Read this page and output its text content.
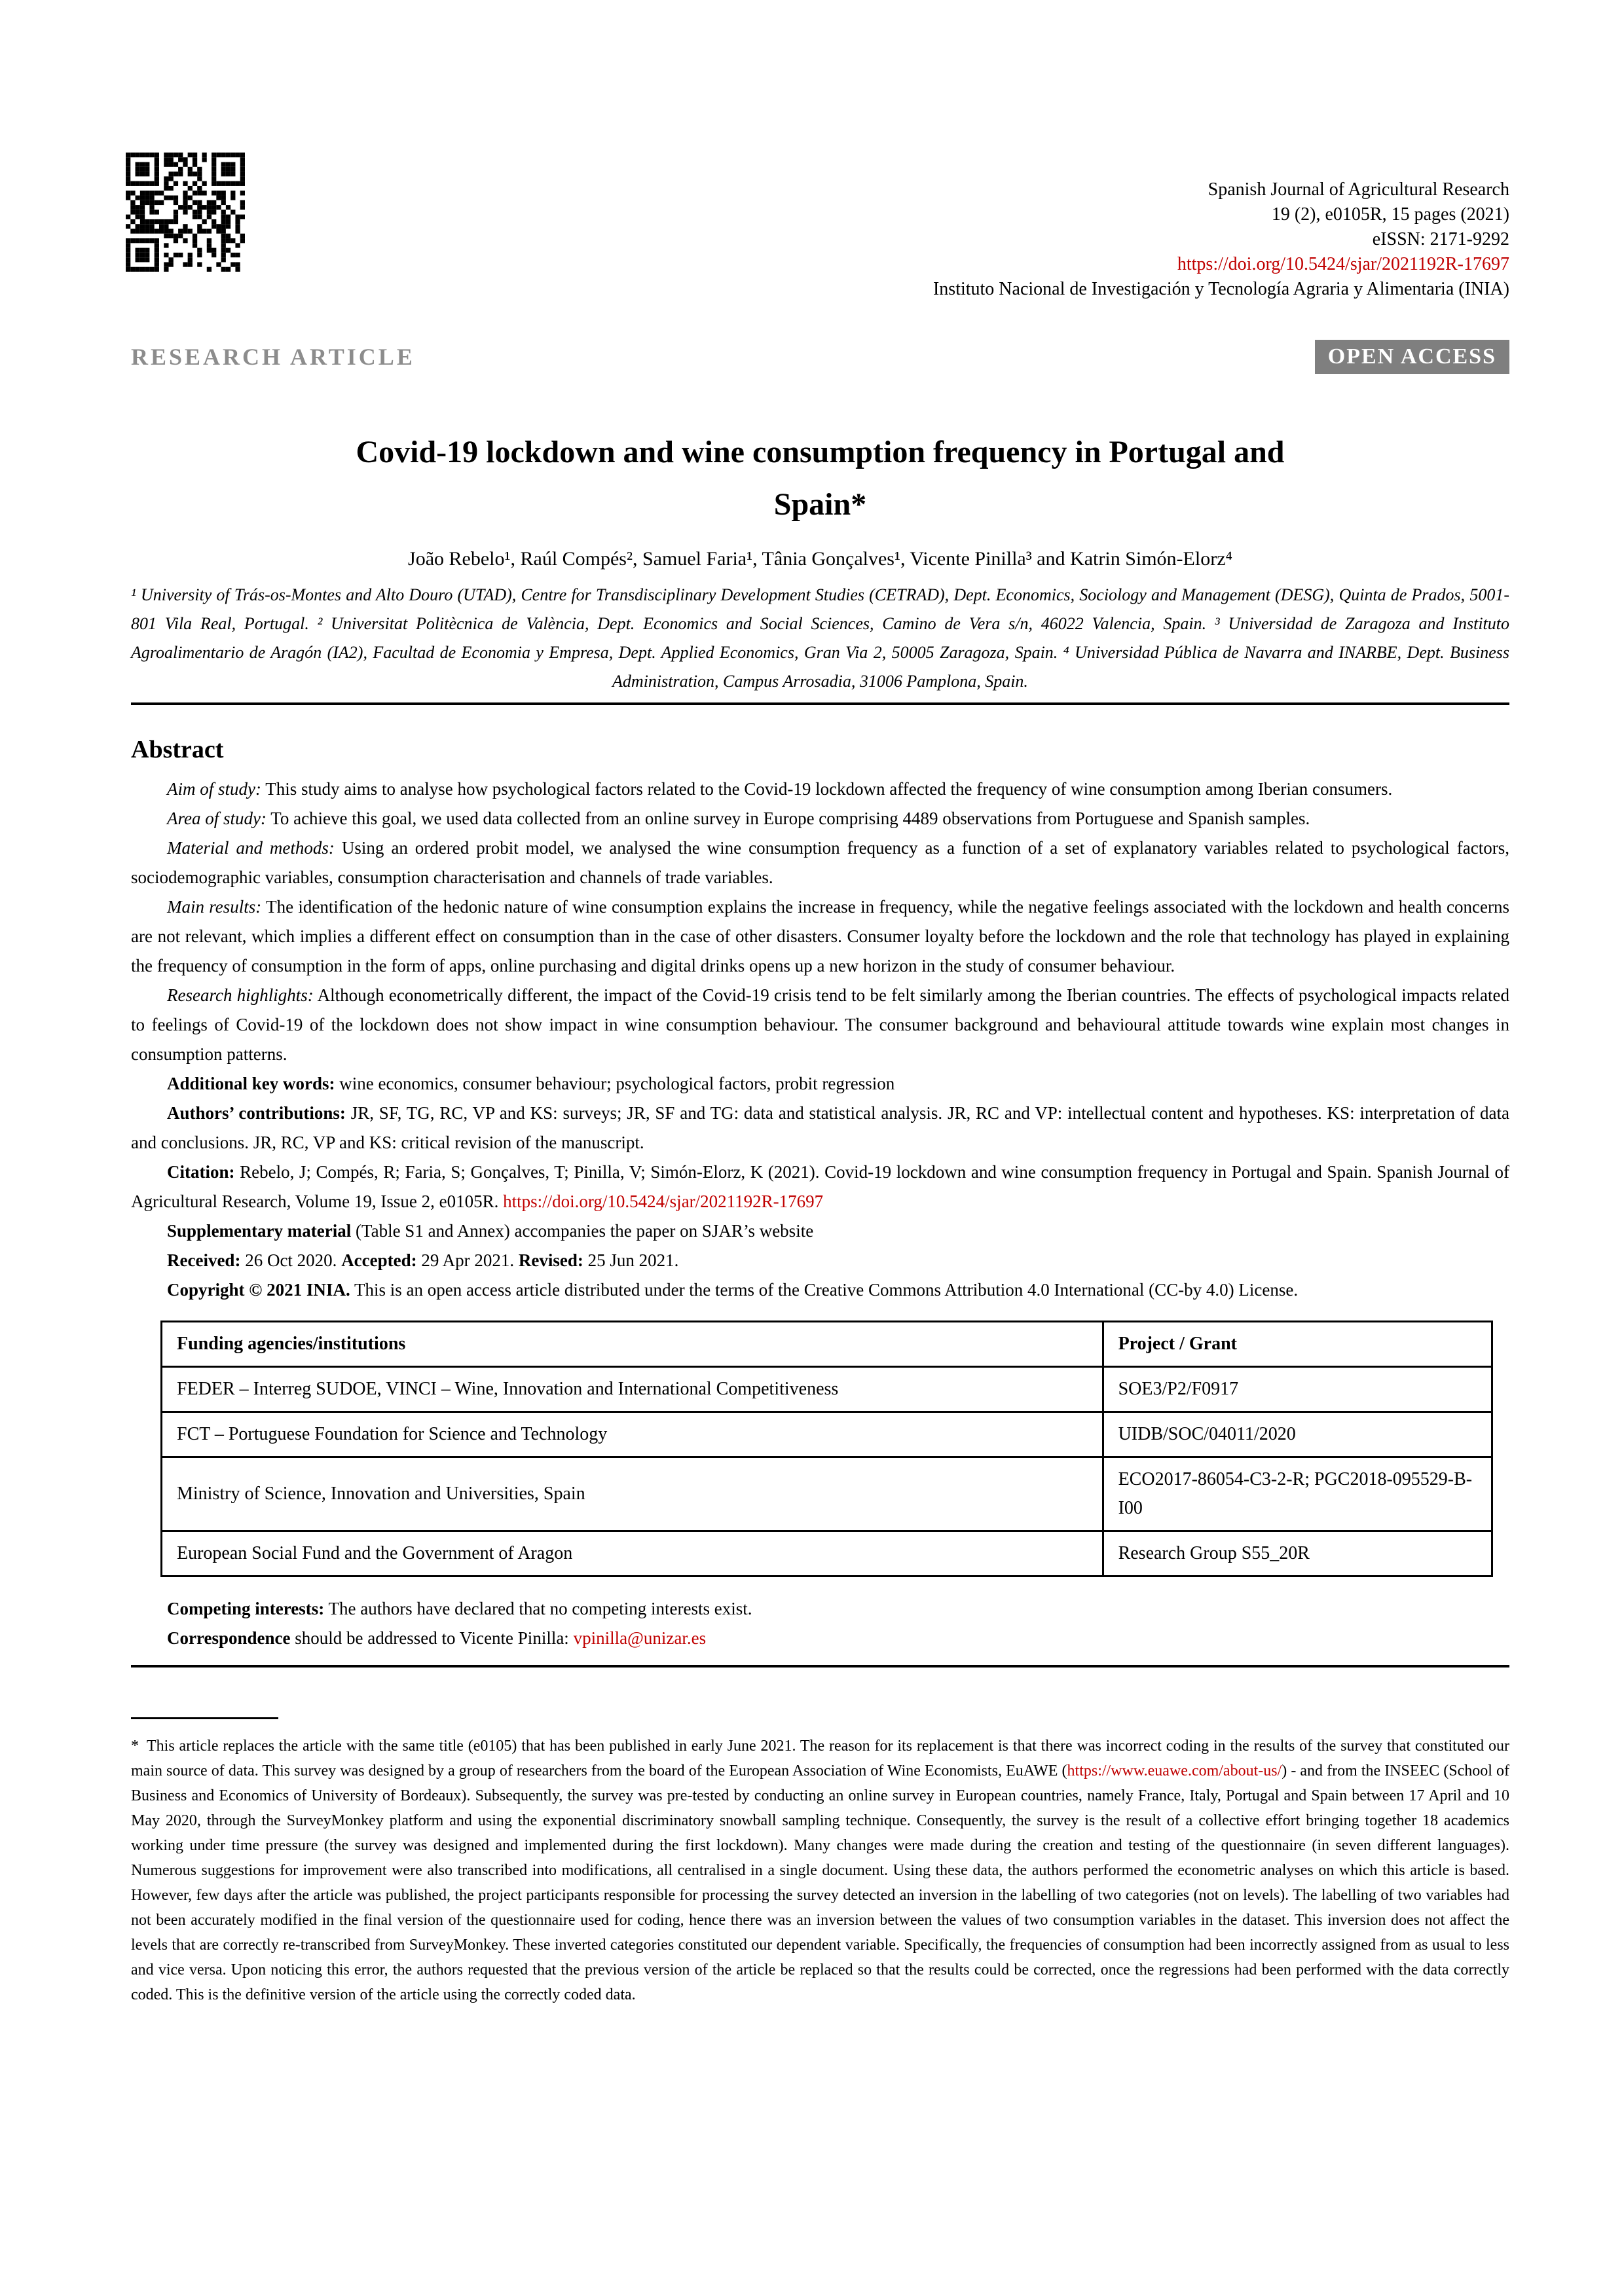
Spanish Journal of Agricultural Research
19 (2), e0105R, 15 pages (2021)
eISSN: 2171-9292
https://doi.org/10.5424/sjar/2021192R-17697
Instituto Nacional de Investigación y Tecnología Agraria y Alimentaria (INIA)
RESEARCH ARTICLE	OPEN ACCESS
Covid-19 lockdown and wine consumption frequency in Portugal and Spain*
João Rebelo¹, Raúl Compés², Samuel Faria¹, Tânia Gonçalves¹, Vicente Pinilla³ and Katrin Simón-Elorz⁴
¹ University of Trás-os-Montes and Alto Douro (UTAD), Centre for Transdisciplinary Development Studies (CETRAD), Dept. Economics, Sociology and Management (DESG), Quinta de Prados, 5001-801 Vila Real, Portugal. ² Universitat Politècnica de València, Dept. Economics and Social Sciences, Camino de Vera s/n, 46022 Valencia, Spain. ³ Universidad de Zaragoza and Instituto Agroalimentario de Aragón (IA2), Facultad de Economia y Empresa, Dept. Applied Economics, Gran Via 2, 50005 Zaragoza, Spain. ⁴ Universidad Pública de Navarra and INARBE, Dept. Business Administration, Campus Arrosadia, 31006 Pamplona, Spain.
Abstract

Aim of study: This study aims to analyse how psychological factors related to the Covid-19 lockdown affected the frequency of wine consumption among Iberian consumers.

Area of study: To achieve this goal, we used data collected from an online survey in Europe comprising 4489 observations from Portuguese and Spanish samples.

Material and methods: Using an ordered probit model, we analysed the wine consumption frequency as a function of a set of explanatory variables related to psychological factors, sociodemographic variables, consumption characterisation and channels of trade variables.

Main results: The identification of the hedonic nature of wine consumption explains the increase in frequency, while the negative feelings associated with the lockdown and health concerns are not relevant, which implies a different effect on consumption than in the case of other disasters. Consumer loyalty before the lockdown and the role that technology has played in explaining the frequency of consumption in the form of apps, online purchasing and digital drinks opens up a new horizon in the study of consumer behaviour.

Research highlights: Although econometrically different, the impact of the Covid-19 crisis tend to be felt similarly among the Iberian countries. The effects of psychological impacts related to feelings of Covid-19 of the lockdown does not show impact in wine consumption behaviour. The consumer background and behavioural attitude towards wine explain most changes in consumption patterns.

Additional key words: wine economics, consumer behaviour; psychological factors, probit regression

Authors’ contributions: JR, SF, TG, RC, VP and KS: surveys; JR, SF and TG: data and statistical analysis. JR, RC and VP: intellectual content and hypotheses. KS: interpretation of data and conclusions. JR, RC, VP and KS: critical revision of the manuscript.

Citation: Rebelo, J; Compés, R; Faria, S; Gonçalves, T; Pinilla, V; Simón-Elorz, K (2021). Covid-19 lockdown and wine consumption frequency in Portugal and Spain. Spanish Journal of Agricultural Research, Volume 19, Issue 2, e0105R. https://doi.org/10.5424/sjar/2021192R-17697

Supplementary material (Table S1 and Annex) accompanies the paper on SJAR’s website

Received: 26 Oct 2020. Accepted: 29 Apr 2021. Revised: 25 Jun 2021.

Copyright © 2021 INIA. This is an open access article distributed under the terms of the Creative Commons Attribution 4.0 International (CC-by 4.0) License.

Funding agencies/institutions	Project / Grant
FEDER – Interreg SUDOE, VINCI – Wine, Innovation and International Competitiveness	SOE3/P2/F0917
FCT – Portuguese Foundation for Science and Technology	UIDB/SOC/04011/2020
Ministry of Science, Innovation and Universities, Spain	ECO2017-86054-C3-2-R; PGC2018-095529-B-I00
European Social Fund and the Government of Aragon	Research Group S55_20R

Competing interests: The authors have declared that no competing interests exist.

Correspondence should be addressed to Vicente Pinilla: vpinilla@unizar.es

* This article replaces the article with the same title (e0105) that has been published in early June 2021. The reason for its replacement is that there was incorrect coding in the results of the survey that constituted our main source of data. This survey was designed by a group of researchers from the board of the European Association of Wine Economists, EuAWE (https://www.euawe.com/about-us/) - and from the INSEEC (School of Business and Economics of University of Bordeaux). Subsequently, the survey was pre-tested by conducting an online survey in European countries, namely France, Italy, Portugal and Spain between 17 April and 10 May 2020, through the SurveyMonkey platform and using the exponential discriminatory snowball sampling technique. Consequently, the survey is the result of a collective effort bringing together 18 academics working under time pressure (the survey was designed and implemented during the first lockdown). Many changes were made during the creation and testing of the questionnaire (in seven different languages). Numerous suggestions for improvement were also transcribed into modifications, all centralised in a single document. Using these data, the authors performed the econometric analyses on which this article is based. However, few days after the article was published, the project participants responsible for processing the survey detected an inversion in the labelling of two categories (not on levels). The labelling of two variables had not been accurately modified in the final version of the questionnaire used for coding, hence there was an inversion between the values of two consumption variables in the dataset. This inversion does not affect the levels that are correctly re-transcribed from SurveyMonkey. These inverted categories constituted our dependent variable. Specifically, the frequencies of consumption had been incorrectly assigned from as usual to less and vice versa. Upon noticing this error, the authors requested that the previous version of the article be replaced so that the results could be corrected, once the regressions had been performed with the data correctly coded. This is the definitive version of the article using the correctly coded data.
